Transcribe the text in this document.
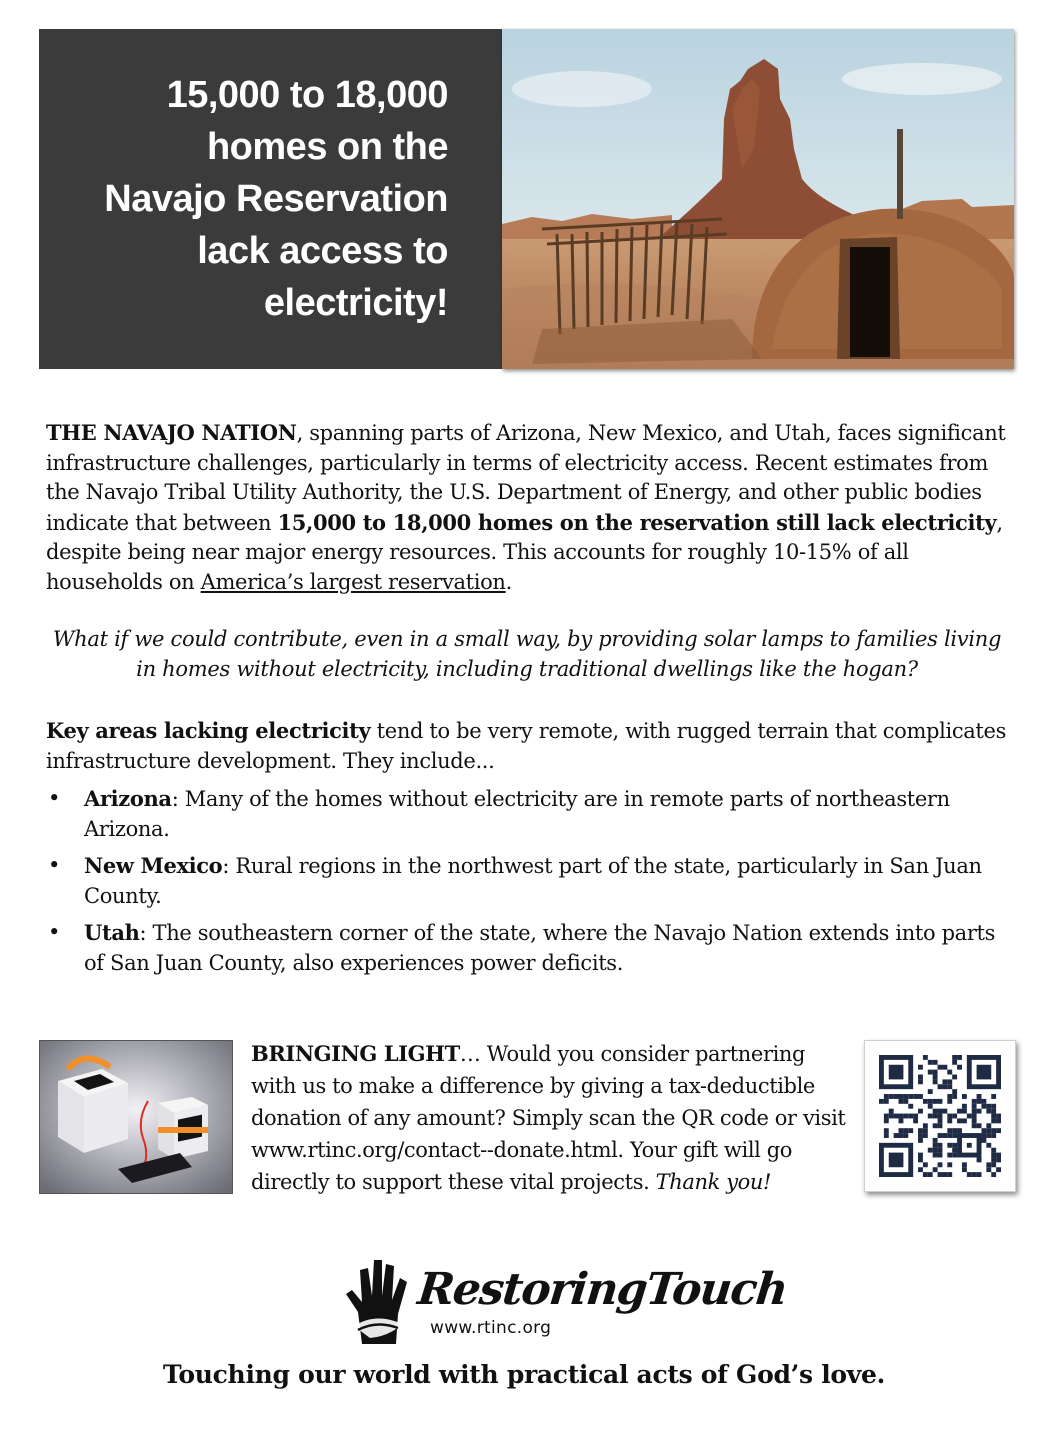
15,000 to 18,000
homes on the
Navajo Reservation
lack access to
electricity!

THE NAVAJO NATION, spanning parts of Arizona, New Mexico, and Utah, faces significant infrastructure challenges, particularly in terms of electricity access. Recent estimates from the Navajo Tribal Utility Authority, the U.S. Department of Energy, and other public bodies indicate that between 15,000 to 18,000 homes on the reservation still lack electricity, despite being near major energy resources. This accounts for roughly 10-15% of all households on America’s largest reservation.

What if we could contribute, even in a small way, by providing solar lamps to families living in homes without electricity, including traditional dwellings like the hogan?

Key areas lacking electricity tend to be very remote, with rugged terrain that complicates infrastructure development. They include...

• Arizona: Many of the homes without electricity are in remote parts of northeastern Arizona.
• New Mexico: Rural regions in the northwest part of the state, particularly in San Juan County.
• Utah: The southeastern corner of the state, where the Navajo Nation extends into parts of San Juan County, also experiences power deficits.

BRINGING LIGHT… Would you consider partnering with us to make a difference by giving a tax-deductible donation of any amount? Simply scan the QR code or visit www.rtinc.org/contact--donate.html. Your gift will go directly to support these vital projects. Thank you!

RestoringTouch
www.rtinc.org

Touching our world with practical acts of God’s love.
